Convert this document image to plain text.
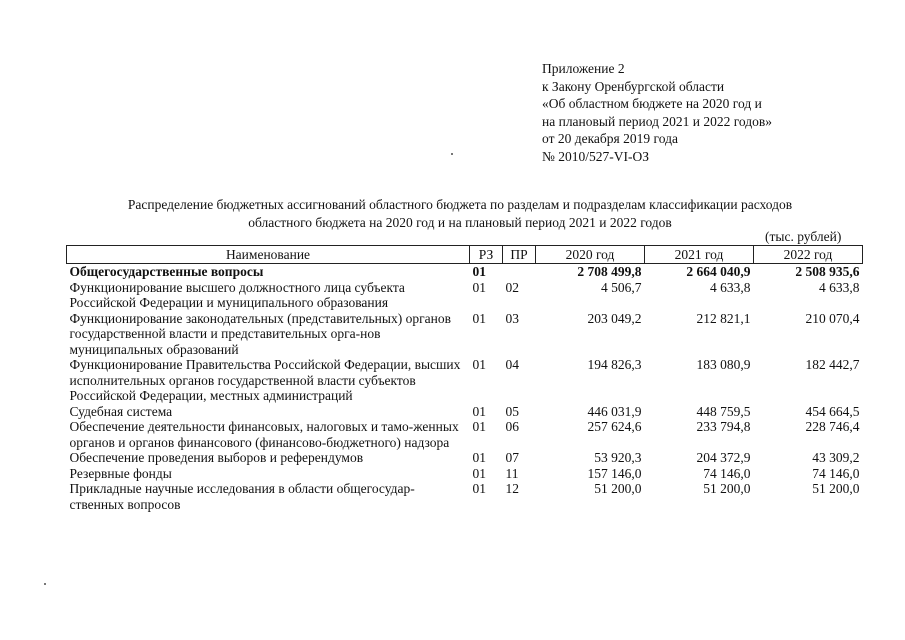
Приложение 2
к Закону Оренбургской области
«Об областном бюджете на 2020 год и
на плановый период 2021 и 2022 годов»
от 20 декабря 2019 года
№ 2010/527-VI-ОЗ
Распределение бюджетных ассигнований областного бюджета по разделам и подразделам классификации расходов
областного бюджета на 2020 год и на плановый период 2021 и 2022 годов
(тыс. рублей)
Наименование	РЗ	ПР	2020 год	2021 год	2022 год
Общегосударственные вопросы	01		2 708 499,8	2 664 040,9	2 508 935,6
Функционирование высшего должностного лица субъекта Российской Федерации и муниципального образования	01	02	4 506,7	4 633,8	4 633,8
Функционирование законодательных (представительных) органов государственной власти и представительных орга-нов муниципальных образований	01	03	203 049,2	212 821,1	210 070,4
Функционирование Правительства Российской Федерации, высших исполнительных органов государственной власти субъектов Российской Федерации, местных администраций	01	04	194 826,3	183 080,9	182 442,7
Судебная система	01	05	446 031,9	448 759,5	454 664,5
Обеспечение деятельности финансовых, налоговых и тамо-женных органов и органов финансового (финансово-бюджетного) надзора	01	06	257 624,6	233 794,8	228 746,4
Обеспечение проведения выборов и референдумов	01	07	53 920,3	204 372,9	43 309,2
Резервные фонды	01	11	157 146,0	74 146,0	74 146,0
Прикладные научные исследования в области общегосудар-ственных вопросов	01	12	51 200,0	51 200,0	51 200,0
